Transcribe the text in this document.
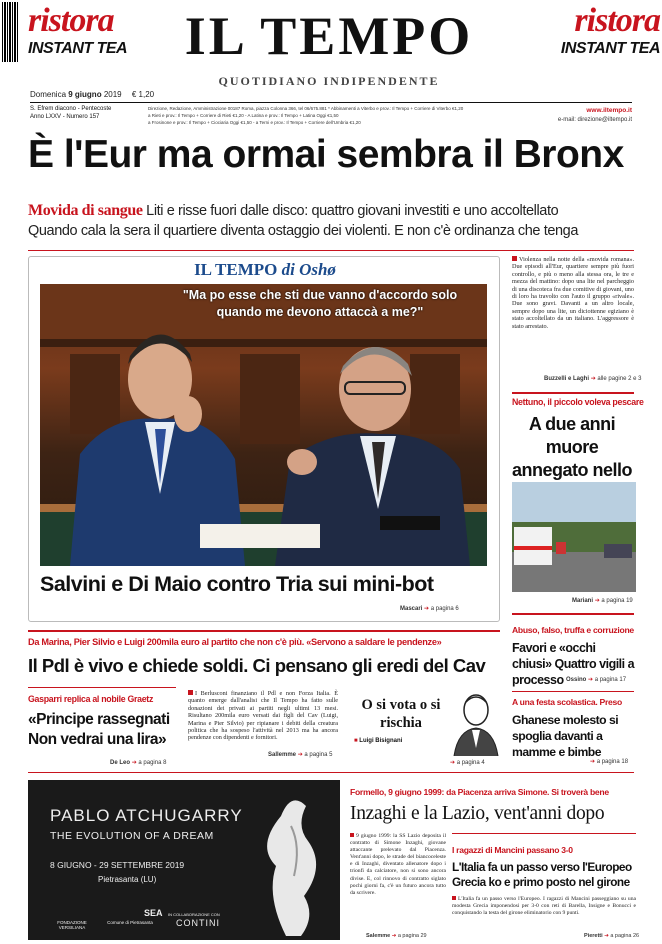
ristora
INSTANT TEA	IL TEMPO
QUOTIDIANO INDIPENDENTE
ristora
INSTANT TEA
Domenica 9 giugno 2019 € 1,20
S. Efrem diacono - Pentecoste
Anno LXXV - Numero 157
Direzione, Redazione, Amministrazione 00187 Roma, piazza Colonna 366, tel 06/675.881 * Abbinamenti a Viterbo e prov.: Il Tempo + Corriere di Viterbo €1,20
a Rieti e prov.: Il Tempo + Corriere di Rieti €1,20 - A Latina e prov.: Il Tempo + Latina Oggi €1,50
a Frosinone e prov.: Il Tempo + Ciociaria Oggi €1,50 - a Terni e prov.: Il Tempo + Corriere dell'Umbria €1,20
www.iltempo.it
e-mail: direzione@iltempo.it
È l'Eur ma ormai sembra il Bronx
Movida di sangue Liti e risse fuori dalle disco: quattro giovani investiti e uno accoltellato
Quando cala la sera il quartiere diventa ostaggio dei violenti. E non c'è ordinanza che tenga
IL TEMPO di Oshø
"Ma po esse che sti due vanno d'accordo solo quando me devono attaccà a me?"
Salvini e Di Maio contro Tria sui mini-bot
Mascari ➔ a pagina 6
Violenza nella notte della «movida romana». Due episodi all'Eur, quartiere sempre più fuori controllo, e più o meno alla stessa ora, le tre e mezza del mattino: dopo una lite nel parcheggio di una discoteca fra due comitive di giovani, uno di loro ha travolto con l'auto il gruppo «rivale». Due sono gravi. Davanti a un altro locale, sempre dopo una lite, un diciottenne egiziano è stato accoltellato da un italiano. L'aggressore è stato arrestato.
Buzzelli e Laghi ➔ alle pagine 2 e 3
Nettuno, il piccolo voleva pescare
A due anni muore annegato nello
Mariani ➔ a pagina 19
Da Marina, Pier Silvio e Luigi 200mila euro al partito che non c'è più. «Servono a saldare le pendenze»
Il Pdl è vivo e chiede soldi. Ci pensano gli eredi del Cav
Gasparri replica al nobile Graetz
«Principe rassegnati Non vedrai una lira»
De Leo ➔ a pagina 8
I Berlusconi finanziano il Pdl e non Forza Italia. È quanto emerge dall'analisi che Il Tempo ha fatto sulle donazioni dei privati ai partiti negli ultimi 13 mesi. Risultano 200mila euro versati dai figli del Cav (Luigi, Marina e Pier Silvio) per ripianare i debiti della creatura politica che ha sospeso l'attività nel 2013 ma ha ancora pendenze con dipendenti e fornitori.
Sallemme ➔ a pagina 5
O si vota o si rischia
■ Luigi Bisignani
➔ a pagina 4
Abuso, falso, truffa e corruzione
Favori e «occhi chiusi» Quattro vigili a processo Ossino ➔ a pagina 17
A una festa scolastica. Preso
Ghanese molesto si spoglia davanti a mamme e bimbe
➔ a pagina 18
PABLO ATCHUGARRY
THE EVOLUTION OF A DREAM
8 GIUGNO - 29 SETTEMBRE 2019
Pietrasanta (LU)
FONDAZIONE VERSILIANA
Comune di Pietrasanta
SEA IN COLLABORAZIONE CON
CONTINI
Formello, 9 giugno 1999: da Piacenza arriva Simone. Si troverà bene
Inzaghi e la Lazio, vent'anni dopo
9 giugno 1999: la SS Lazio deposita il contratto di Simone Inzaghi, giovane attaccante prelevato dal Piacenza. Vent'anni dopo, le strade del biancoceleste e di Inzaghi, diventato allenatore dopo i trionfi da calciatore, non si sono ancora divise. E, col rinnovo di contratto siglato pochi giorni fa, c'è un futuro ancora tutto da scrivere.
Salemme ➔ a pagina 29
I ragazzi di Mancini passano 3-0
L'Italia fa un passo verso l'Europeo Grecia ko e primo posto nel girone
L'Italia fa un passo verso l'Europeo. I ragazzi di Mancini passeggiano su una modesta Grecia imponendosi per 3-0 con reti di Barella, Insigne e Bonucci e conquistando la testa del girone eliminatorio con 9 punti.
Pieretti ➔ a pagina 26
